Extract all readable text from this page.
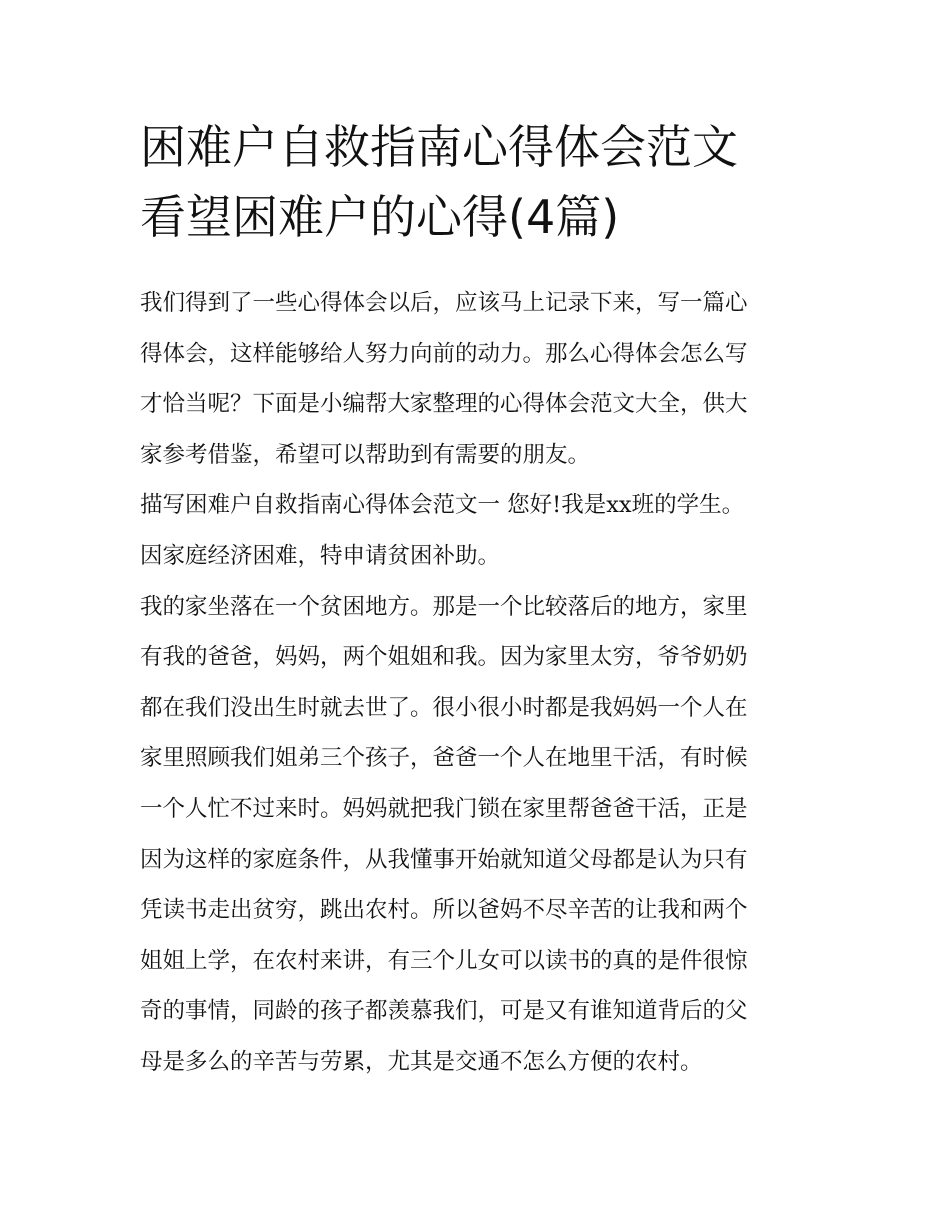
困难户自救指南心得体会范文
看望困难户的心得(4篇)
我们得到了一些心得体会以后，应该马上记录下来，写一篇心
得体会，这样能够给人努力向前的动力。那么心得体会怎么写
才恰当呢？下面是小编帮大家整理的心得体会范文大全，供大
家参考借鉴，希望可以帮助到有需要的朋友。
描写困难户自救指南心得体会范文一 您好!我是xx班的学生。
因家庭经济困难，特申请贫困补助。
我的家坐落在一个贫困地方。那是一个比较落后的地方，家里
有我的爸爸，妈妈，两个姐姐和我。因为家里太穷，爷爷奶奶
都在我们没出生时就去世了。很小很小时都是我妈妈一个人在
家里照顾我们姐弟三个孩子，爸爸一个人在地里干活，有时候
一个人忙不过来时。妈妈就把我门锁在家里帮爸爸干活，正是
因为这样的家庭条件，从我懂事开始就知道父母都是认为只有
凭读书走出贫穷，跳出农村。所以爸妈不尽辛苦的让我和两个
姐姐上学，在农村来讲，有三个儿女可以读书的真的是件很惊
奇的事情，同龄的孩子都羡慕我们，可是又有谁知道背后的父
母是多么的辛苦与劳累，尤其是交通不怎么方便的农村。
